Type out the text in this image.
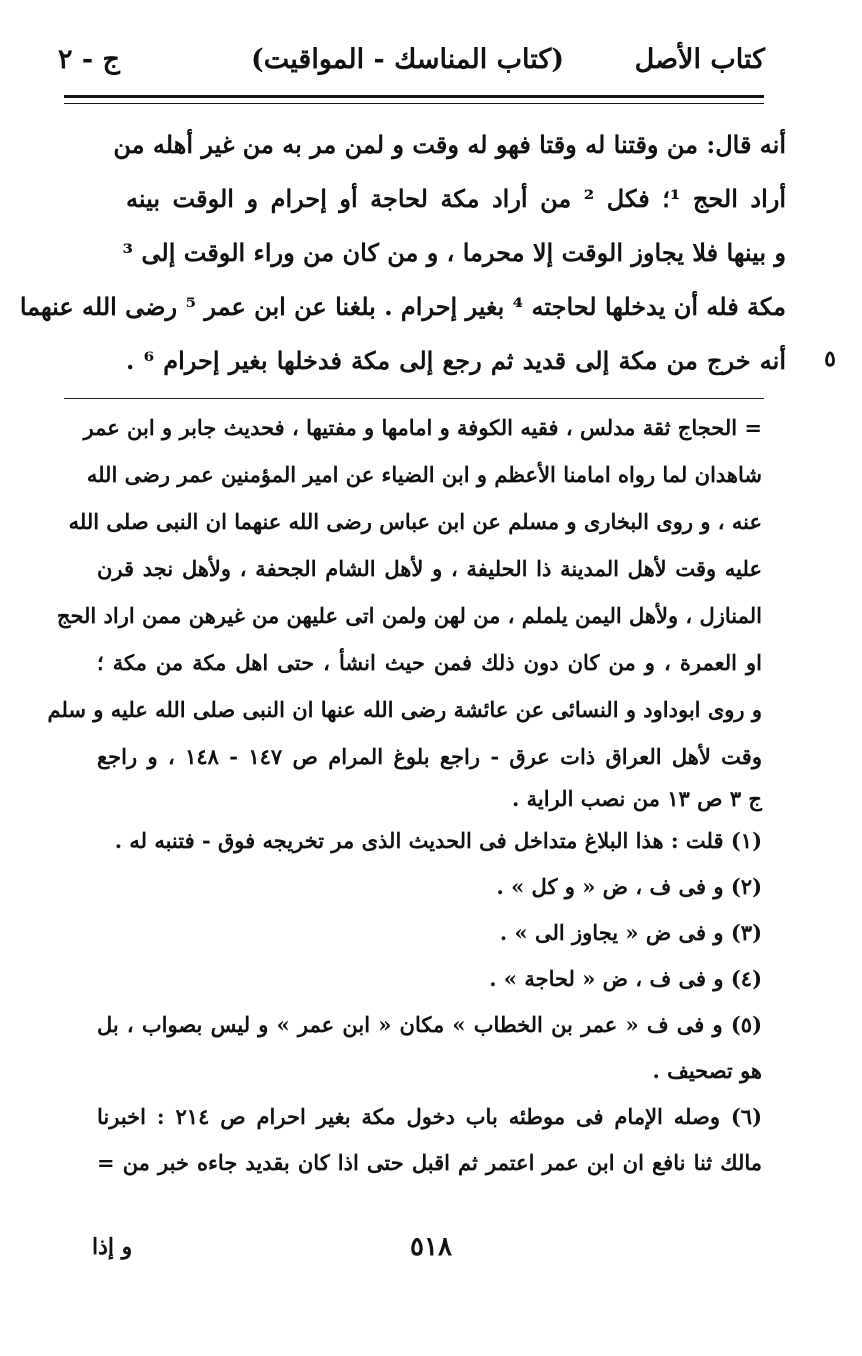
كتاب الأصل
(كتاب المناسك - المواقيت)
ج - ٢
أنه قال: من وقتنا له وقتا فهو له وقت و لمن مر به من غير أهله من
أراد الحج ¹؛ فكل ² من أراد مكة لحاجة أو إحرام و الوقت بينه
و بينها فلا يجاوز الوقت إلا محرما ، و من كان من وراء الوقت إلى ³
مكة فله أن يدخلها لحاجته ⁴ بغير إحرام . بلغنا عن ابن عمر ⁵ رضى الله عنهما
أنه خرج من مكة إلى قديد ثم رجع إلى مكة فدخلها بغير إحرام ⁶ . ٥
= الحجاج ثقة مدلس ، فقيه الكوفة و امامها و مفتيها ، فحديث جابر و ابن عمر
شاهدان لما رواه امامنا الأعظم و ابن الضياء عن امير المؤمنين عمر رضى الله
عنه ، و روى البخارى و مسلم عن ابن عباس رضى الله عنهما ان النبى صلى الله
عليه وقت لأهل المدينة ذا الحليفة ، و لأهل الشام الجحفة ، ولأهل نجد قرن
المنازل ، ولأهل اليمن يلملم ، من لهن ولمن اتى عليهن من غيرهن ممن اراد الحج
او العمرة ، و من كان دون ذلك فمن حيث انشأ ، حتى اهل مكة من مكة ؛
و روى ابوداود و النسائى عن عائشة رضى الله عنها ان النبى صلى الله عليه و سلم
وقت لأهل العراق ذات عرق - راجع بلوغ المرام ص ١٤٧ - ١٤٨ ، و راجع
ج ٣ ص ١٣ من نصب الراية .
(١) قلت : هذا البلاغ متداخل فى الحديث الذى مر تخريجه فوق - فتنبه له .
(٢) و فى ف ، ض « و كل » .
(٣) و فى ض « يجاوز الى » .
(٤) و فى ف ، ض « لحاجة » .
(٥) و فى ف « عمر بن الخطاب » مكان « ابن عمر » و ليس بصواب ، بل
هو تصحيف .
(٦) وصله الإمام فى موطئه باب دخول مكة بغير احرام ص ٢١٤ : اخبرنا
مالك ثنا نافع ان ابن عمر اعتمر ثم اقبل حتى اذا كان بقديد جاءه خبر من =
٥١٨
و إذا
